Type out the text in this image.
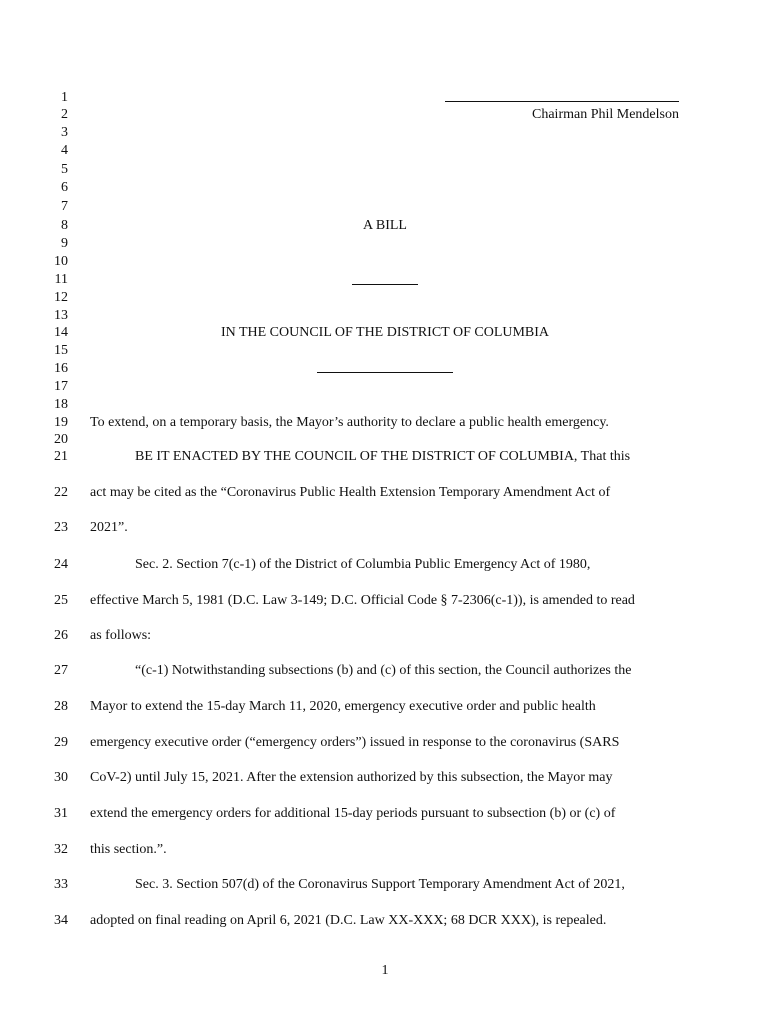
1
2
3
4
5
6
7
8
9
10
11
12
13
14
15
16
17
18
19
20
21
22
23
24
25
26
27
28
29
30
31
32
33
34
Chairman Phil Mendelson
A BILL
IN THE COUNCIL OF THE DISTRICT OF COLUMBIA
To extend, on a temporary basis, the Mayor’s authority to declare a public health emergency.
BE IT ENACTED BY THE COUNCIL OF THE DISTRICT OF COLUMBIA, That this
act may be cited as the “Coronavirus Public Health Extension Temporary Amendment Act of
2021”.
Sec. 2. Section 7(c-1) of the District of Columbia Public Emergency Act of 1980,
effective March 5, 1981 (D.C. Law 3-149; D.C. Official Code § 7-2306(c-1)), is amended to read
as follows:
“(c-1) Notwithstanding subsections (b) and (c) of this section, the Council authorizes the
Mayor to extend the 15-day March 11, 2020, emergency executive order and public health
emergency executive order (“emergency orders”) issued in response to the coronavirus (SARS
CoV-2) until July 15, 2021. After the extension authorized by this subsection, the Mayor may
extend the emergency orders for additional 15-day periods pursuant to subsection (b) or (c) of
this section.”.
Sec. 3. Section 507(d) of the Coronavirus Support Temporary Amendment Act of 2021,
adopted on final reading on April 6, 2021 (D.C. Law XX-XXX; 68 DCR XXX), is repealed.
1
